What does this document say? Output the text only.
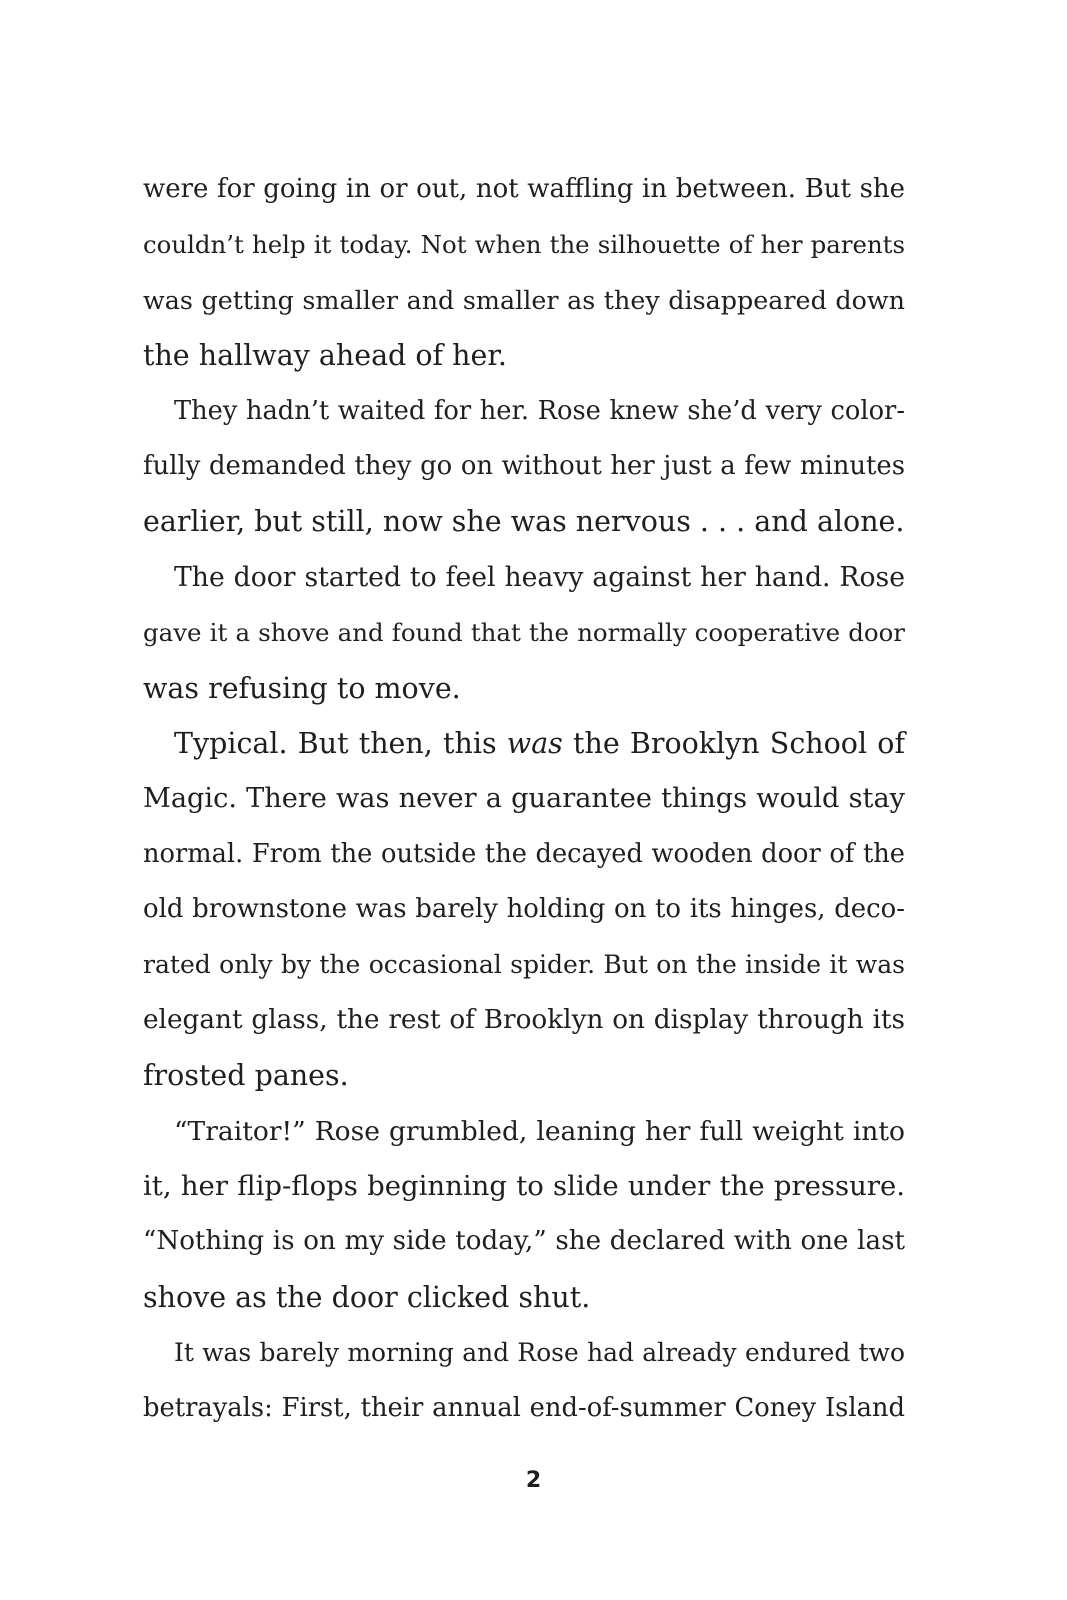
were for going in or out, not waffling in between. But she
couldn’t help it today. Not when the silhouette of her parents
was getting smaller and smaller as they disappeared down
the hallway ahead of her.
They hadn’t waited for her. Rose knew she’d very color-
fully demanded they go on without her just a few minutes
earlier, but still, now she was nervous . . . and alone.
The door started to feel heavy against her hand. Rose
gave it a shove and found that the normally cooperative door
was refusing to move.
Typical. But then, this was the Brooklyn School of
Magic. There was never a guarantee things would stay
normal. From the outside the decayed wooden door of the
old brownstone was barely holding on to its hinges, deco-
rated only by the occasional spider. But on the inside it was
elegant glass, the rest of Brooklyn on display through its
frosted panes.
“Traitor!” Rose grumbled, leaning her full weight into
it, her flip-flops beginning to slide under the pressure.
“Nothing is on my side today,” she declared with one last
shove as the door clicked shut.
It was barely morning and Rose had already endured two
betrayals: First, their annual end-of-summer Coney Island
2
